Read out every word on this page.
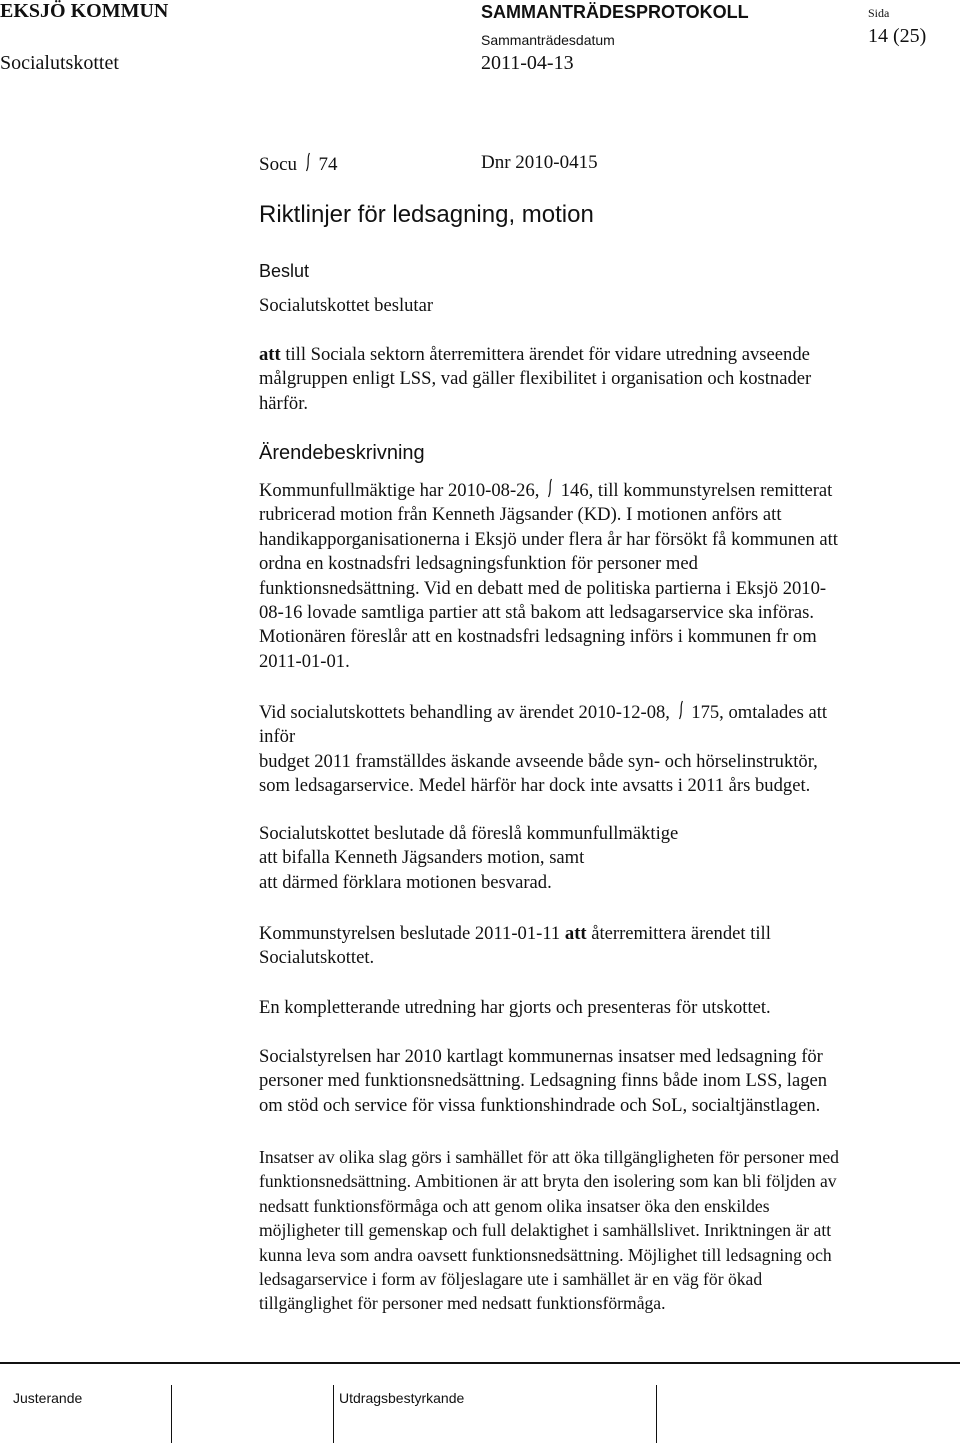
EKSJÖ KOMMUN
Socialutskottet
SAMMANTRÄDESPROTOKOLL
Sammanträdesdatum
2011-04-13
Sida
14 (25)
Socu 74	Dnr 2010-0415
Riktlinjer för ledsagning, motion
Beslut
Socialutskottet beslutar
att till Sociala sektorn återremittera ärendet för vidare utredning avseende
målgruppen enligt LSS, vad gäller flexibilitet i organisation och kostnader
härför.
Ärendebeskrivning
Kommunfullmäktige har 2010-08-26, 146, till kommunstyrelsen remitterat
rubricerad motion från Kenneth Jägsander (KD). I motionen anförs att
handikapporganisationerna i Eksjö under flera år har försökt få kommunen att
ordna en kostnadsfri ledsagningsfunktion för personer med
funktionsnedsättning. Vid en debatt med de politiska partierna i Eksjö 2010-
08-16 lovade samtliga partier att stå bakom att ledsagarservice ska införas.
Motionären föreslår att en kostnadsfri ledsagning införs i kommunen fr om
2011-01-01.
Vid socialutskottets behandling av ärendet 2010-12-08, 175, omtalades att
inför
budget 2011 framställdes äskande avseende både syn- och hörselinstruktör,
som ledsagarservice. Medel härför har dock inte avsatts i 2011 års budget.
Socialutskottet beslutade då föreslå kommunfullmäktige
att bifalla Kenneth Jägsanders motion, samt
att därmed förklara motionen besvarad.
Kommunstyrelsen beslutade 2011-01-11 att återremittera ärendet till
Socialutskottet.
En kompletterande utredning har gjorts och presenteras för utskottet.
Socialstyrelsen har 2010 kartlagt kommunernas insatser med ledsagning för
personer med funktionsnedsättning. Ledsagning finns både inom LSS, lagen
om stöd och service för vissa funktionshindrade och SoL, socialtjänstlagen.
Insatser av olika slag görs i samhället för att öka tillgängligheten för personer med
funktionsnedsättning. Ambitionen är att bryta den isolering som kan bli följden av
nedsatt funktionsförmåga och att genom olika insatser öka den enskildes
möjligheter till gemenskap och full delaktighet i samhällslivet. Inriktningen är att
kunna leva som andra oavsett funktionsnedsättning. Möjlighet till ledsagning och
ledsagarservice i form av följeslagare ute i samhället är en väg för ökad
tillgänglighet för personer med nedsatt funktionsförmåga.
Justerande	Utdragsbestyrkande
